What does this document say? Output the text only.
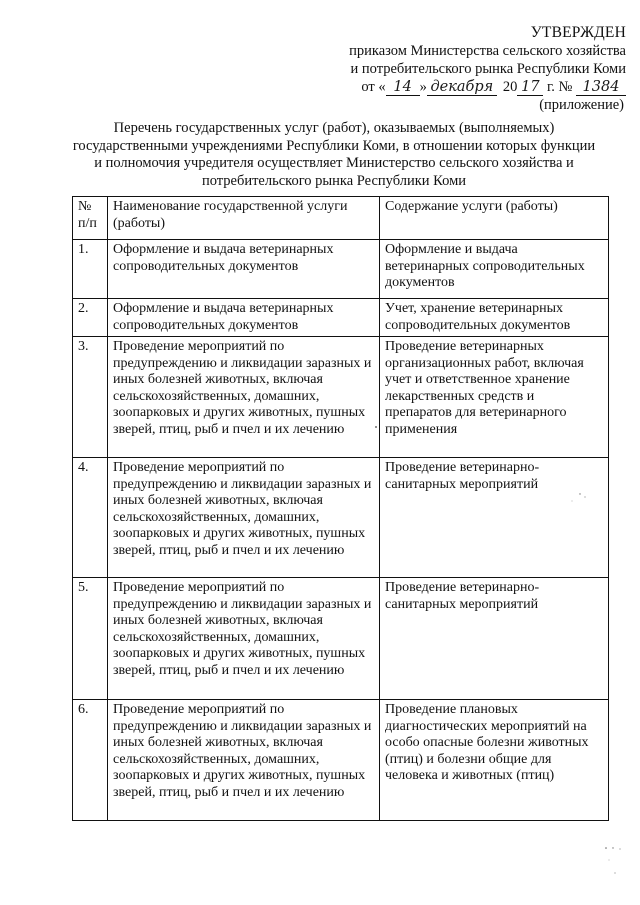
УТВЕРЖДЕН
приказом Министерства сельского хозяйства
и потребительского рынка Республики Коми
от « 14 » декабря 20 17 г. № 1384
(приложение)
Перечень государственных услуг (работ), оказываемых (выполняемых)
государственными учреждениями Республики Коми, в отношении которых функции
и полномочия учредителя осуществляет Министерство сельского хозяйства и
потребительского рынка Республики Коми
№
п/п	Наименование государственной услуги (работы)	Содержание услуги (работы)
1.	Оформление и выдача ветеринарных сопроводительных документов	Оформление и выдача ветеринарных сопроводительных документов
2.	Оформление и выдача ветеринарных сопроводительных документов	Учет, хранение ветеринарных сопроводительных документов
3.	Проведение мероприятий по предупреждению и ликвидации заразных и иных болезней животных, включая сельскохозяйственных, домашних, зоопарковых и других животных, пушных зверей, птиц, рыб и пчел и их лечению	Проведение ветеринарных организационных работ, включая учет и ответственное хранение лекарственных средств и препаратов для ветеринарного применения
4.	Проведение мероприятий по предупреждению и ликвидации заразных и иных болезней животных, включая сельскохозяйственных, домашних, зоопарковых и других животных, пушных зверей, птиц, рыб и пчел и их лечению	Проведение ветеринарно-санитарных мероприятий
5.	Проведение мероприятий по предупреждению и ликвидации заразных и иных болезней животных, включая сельскохозяйственных, домашних, зоопарковых и других животных, пушных зверей, птиц, рыб и пчел и их лечению	Проведение ветеринарно-санитарных мероприятий
6.	Проведение мероприятий по предупреждению и ликвидации заразных и иных болезней животных, включая сельскохозяйственных, домашних, зоопарковых и других животных, пушных зверей, птиц, рыб и пчел и их лечению	Проведение плановых диагностических мероприятий на особо опасные болезни животных (птиц) и болезни общие для человека и животных (птиц)
